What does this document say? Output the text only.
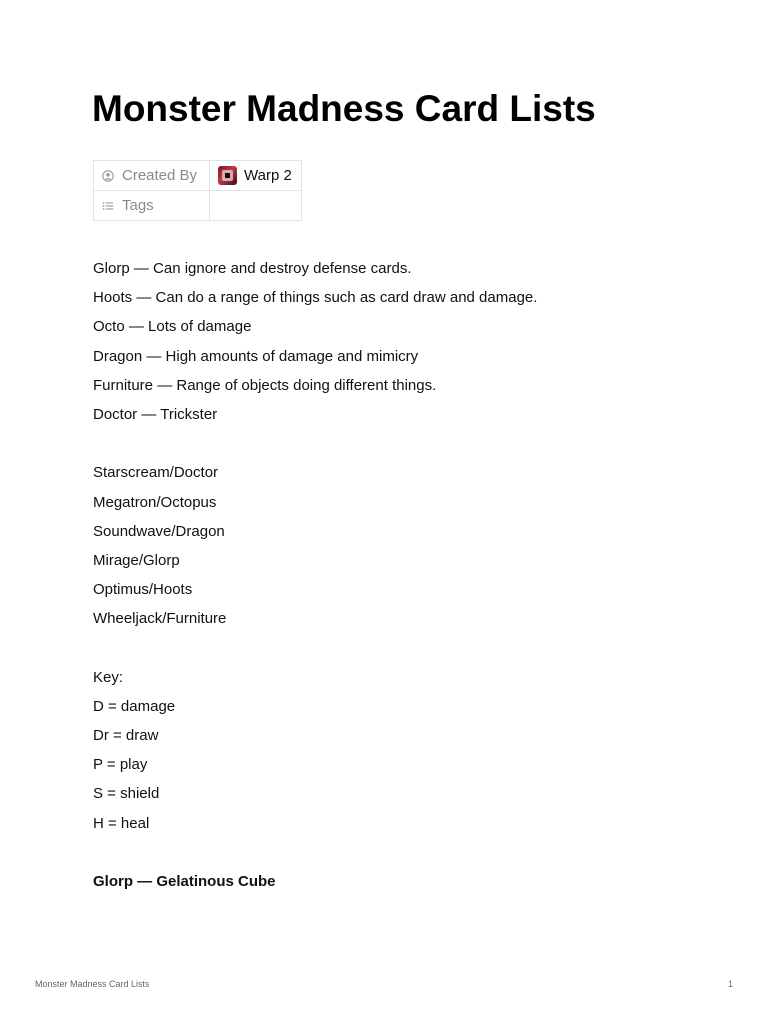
Monster Madness Card Lists
Created By	Warp 2

Tags	

Glorp — Can ignore and destroy defense cards.
Hoots — Can do a range of things such as card draw and damage.
Octo — Lots of damage
Dragon — High amounts of damage and mimicry
Furniture — Range of objects doing different things.
Doctor — Trickster
Starscream/Doctor
Megatron/Octopus
Soundwave/Dragon
Mirage/Glorp
Optimus/Hoots
Wheeljack/Furniture
Key:
D = damage
Dr = draw
P = play
S = shield
H = heal
Glorp — Gelatinous Cube
Monster Madness Card Lists	1
